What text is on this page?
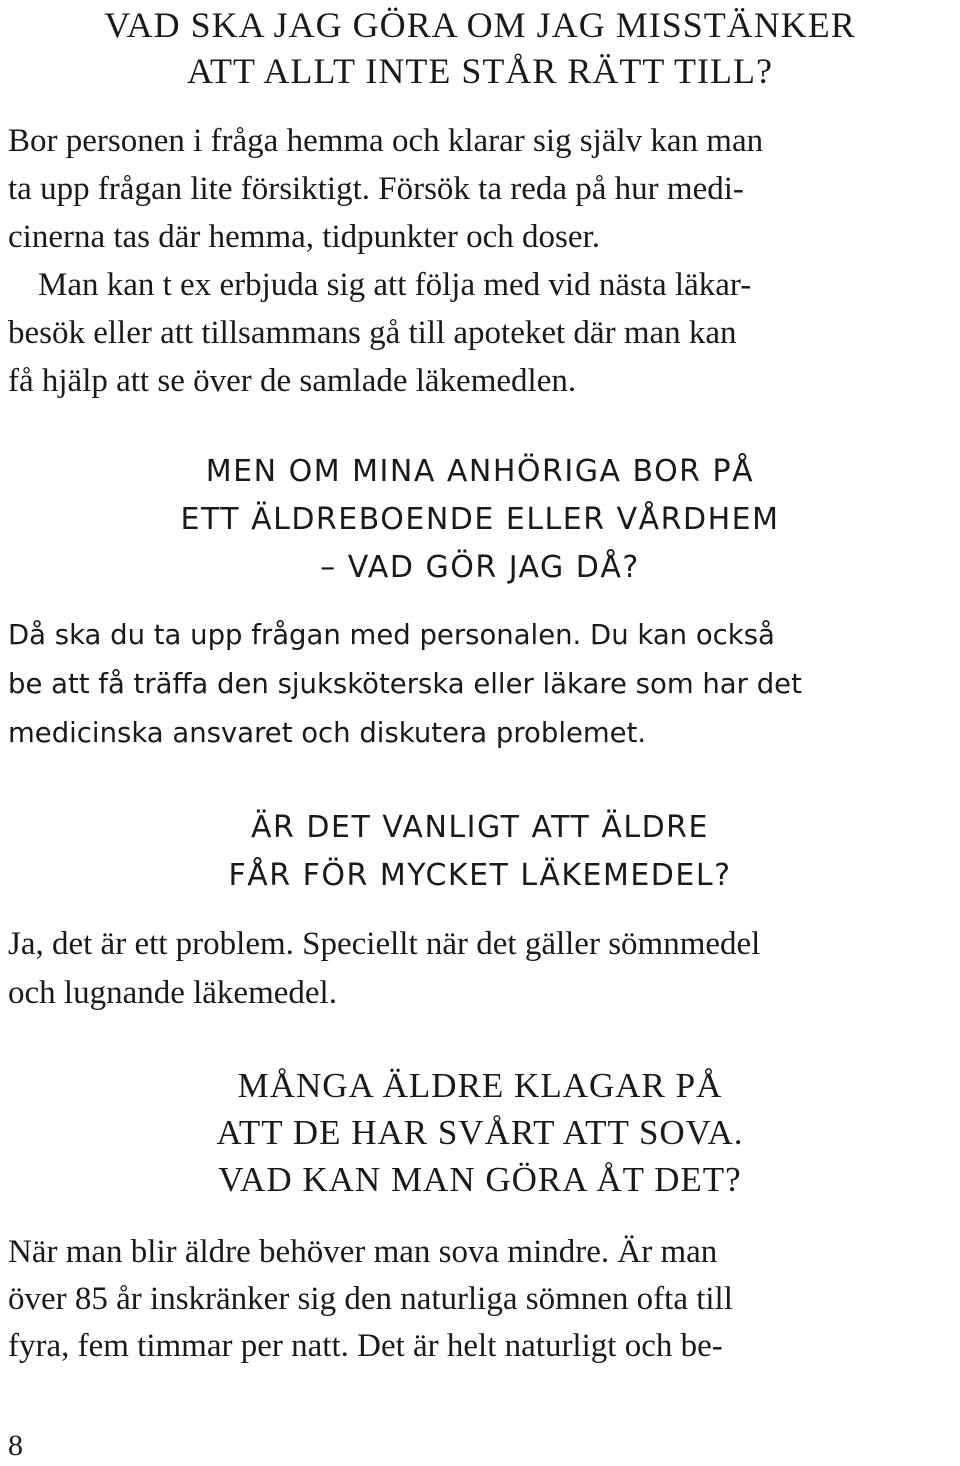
VAD SKA JAG GÖRA OM JAG MISSTÄNKER
ATT ALLT INTE STÅR RÄTT TILL?
Bor personen i fråga hemma och klarar sig själv kan man
ta upp frågan lite försiktigt. Försök ta reda på hur medi-
cinerna tas där hemma, tidpunkter och doser.
Man kan t ex erbjuda sig att följa med vid nästa läkar-
besök eller att tillsammans gå till apoteket där man kan
få hjälp att se över de samlade läkemedlen.
MEN OM MINA ANHÖRIGA BOR PÅ
ETT ÄLDREBOENDE ELLER VÅRDHEM
– VAD GÖR JAG DÅ?
Då ska du ta upp frågan med personalen. Du kan också
be att få träffa den sjuksköterska eller läkare som har det
medicinska ansvaret och diskutera problemet.
ÄR DET VANLIGT ATT ÄLDRE
FÅR FÖR MYCKET LÄKEMEDEL?
Ja, det är ett problem. Speciellt när det gäller sömnmedel
och lugnande läkemedel.
MÅNGA ÄLDRE KLAGAR PÅ
ATT DE HAR SVÅRT ATT SOVA.
VAD KAN MAN GÖRA ÅT DET?
När man blir äldre behöver man sova mindre. Är man
över 85 år inskränker sig den naturliga sömnen ofta till
fyra, fem timmar per natt. Det är helt naturligt och be-

8
